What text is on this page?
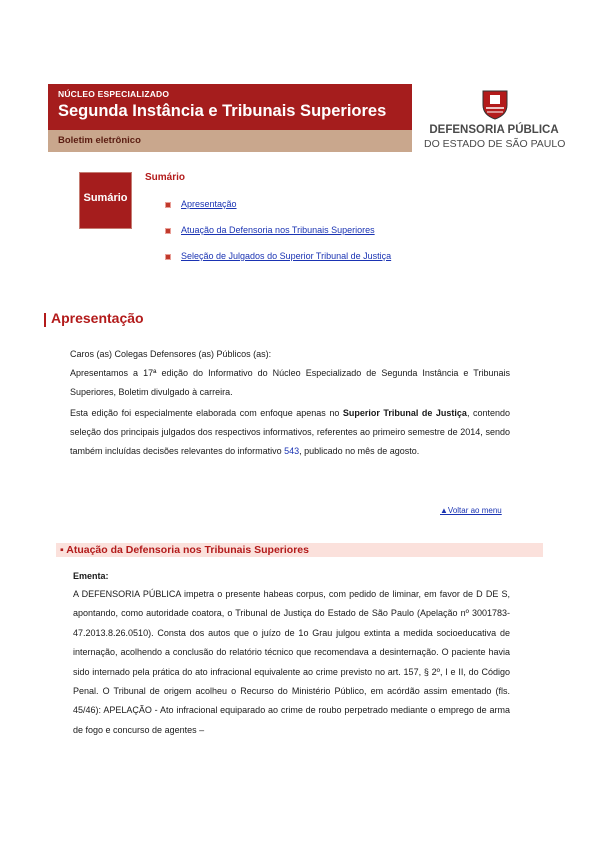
NÚCLEO ESPECIALIZADO
Segunda Instância e Tribunais Superiores
Boletim eletrônico
DEFENSORIA PÚBLICA
DO ESTADO DE SÃO PAULO
Sumário
Sumário
Apresentação
Atuação da Defensoria nos Tribunais Superiores
Seleção de Julgados do Superior Tribunal de Justiça
Apresentação

Caros (as) Colegas Defensores (as) Públicos (as):

Apresentamos a 17ª edição do Informativo do Núcleo Especializado de Segunda Instância e Tribunais Superiores, Boletim divulgado à carreira.

Esta edição foi especialmente elaborada com enfoque apenas no Superior Tribunal de Justiça, contendo seleção dos principais julgados dos respectivos informativos, referentes ao primeiro semestre de 2014, sendo também incluídas decisões relevantes do informativo 543, publicado no mês de agosto.

▲Voltar ao menu
▪ Atuação da Defensoria nos Tribunais Superiores
Ementa:

A DEFENSORIA PÚBLICA impetra o presente habeas corpus, com pedido de liminar, em favor de D DE S, apontando, como autoridade coatora, o Tribunal de Justiça do Estado de São Paulo (Apelação nº 3001783-47.2013.8.26.0510). Consta dos autos que o juízo de 1o Grau julgou extinta a medida socioeducativa de internação, acolhendo a conclusão do relatório técnico que recomendava a desinternação. O paciente havia sido internado pela prática do ato infracional equivalente ao crime previsto no art. 157, § 2º, I e II, do Código Penal. O Tribunal de origem acolheu o Recurso do Ministério Público, em acórdão assim ementado (fls. 45/46): APELAÇÃO - Ato infracional equiparado ao crime de roubo perpetrado mediante o emprego de arma de fogo e concurso de agentes –
